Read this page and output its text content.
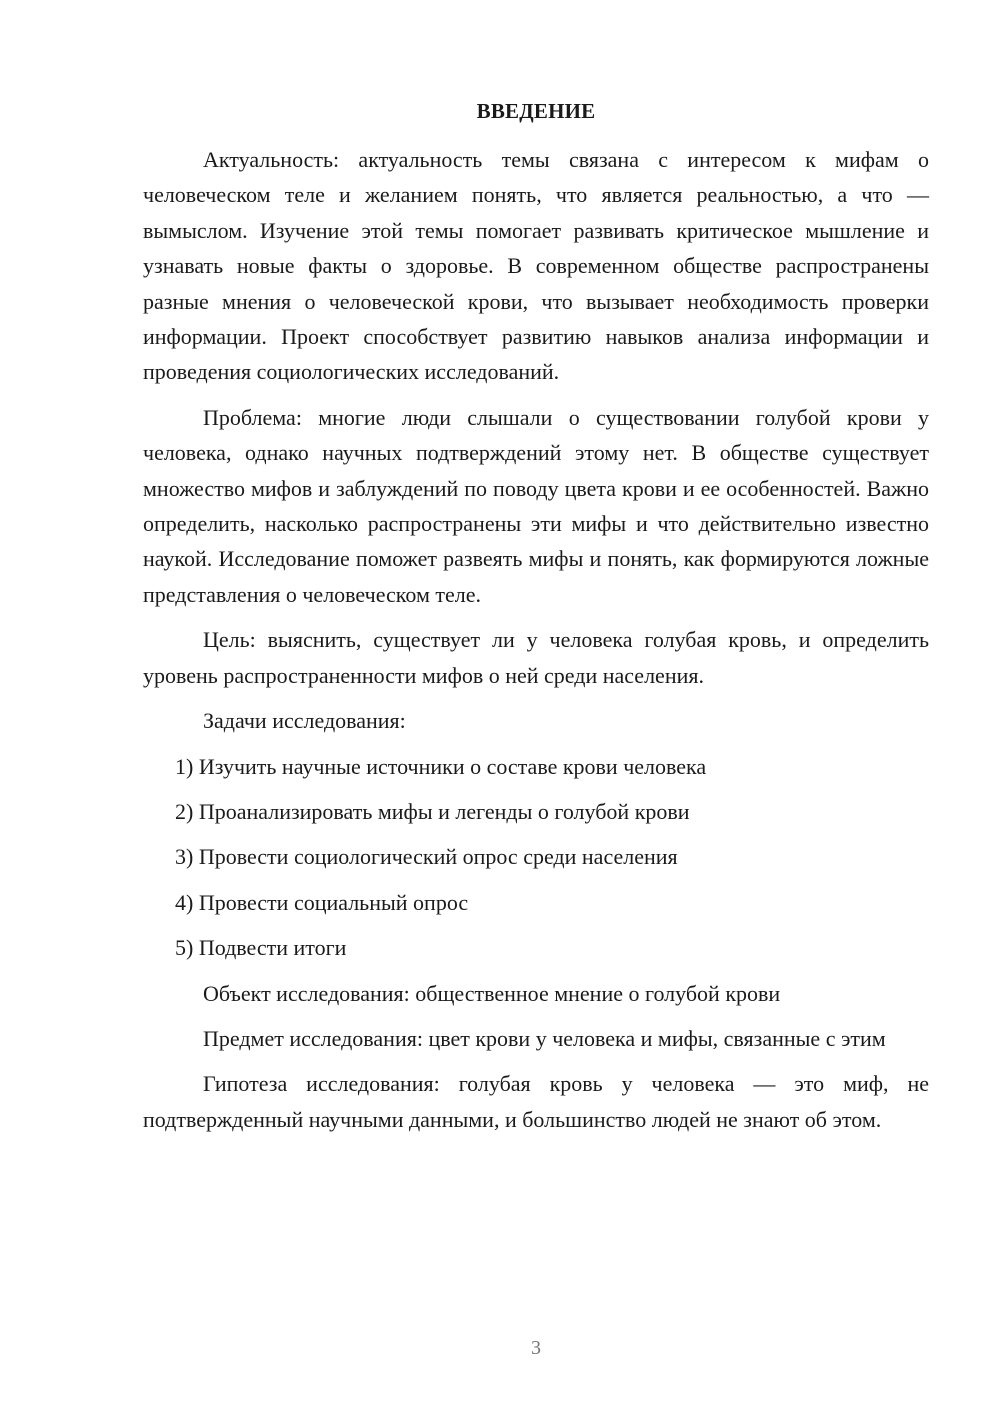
ВВЕДЕНИЕ

Актуальность: актуальность темы связана с интересом к мифам о человеческом теле и желанием понять, что является реальностью, а что — вымыслом. Изучение этой темы помогает развивать критическое мышление и узнавать новые факты о здоровье. В современном обществе распространены разные мнения о человеческой крови, что вызывает необходимость проверки информации. Проект способствует развитию навыков анализа информации и проведения социологических исследований.

Проблема: многие люди слышали о существовании голубой крови у человека, однако научных подтверждений этому нет. В обществе существует множество мифов и заблуждений по поводу цвета крови и ее особенностей. Важно определить, насколько распространены эти мифы и что действительно известно наукой. Исследование поможет развеять мифы и понять, как формируются ложные представления о человеческом теле.

Цель: выяснить, существует ли у человека голубая кровь, и определить уровень распространенности мифов о ней среди населения.

Задачи исследования:

1) Изучить научные источники о составе крови человека
2) Проанализировать мифы и легенды о голубой крови
3) Провести социологический опрос среди населения
4) Провести социальный опрос
5) Подвести итоги

Объект исследования: общественное мнение о голубой крови

Предмет исследования: цвет крови у человека и мифы, связанные с этим

Гипотеза исследования: голубая кровь у человека — это миф, не подтвержденный научными данными, и большинство людей не знают об этом.

3
